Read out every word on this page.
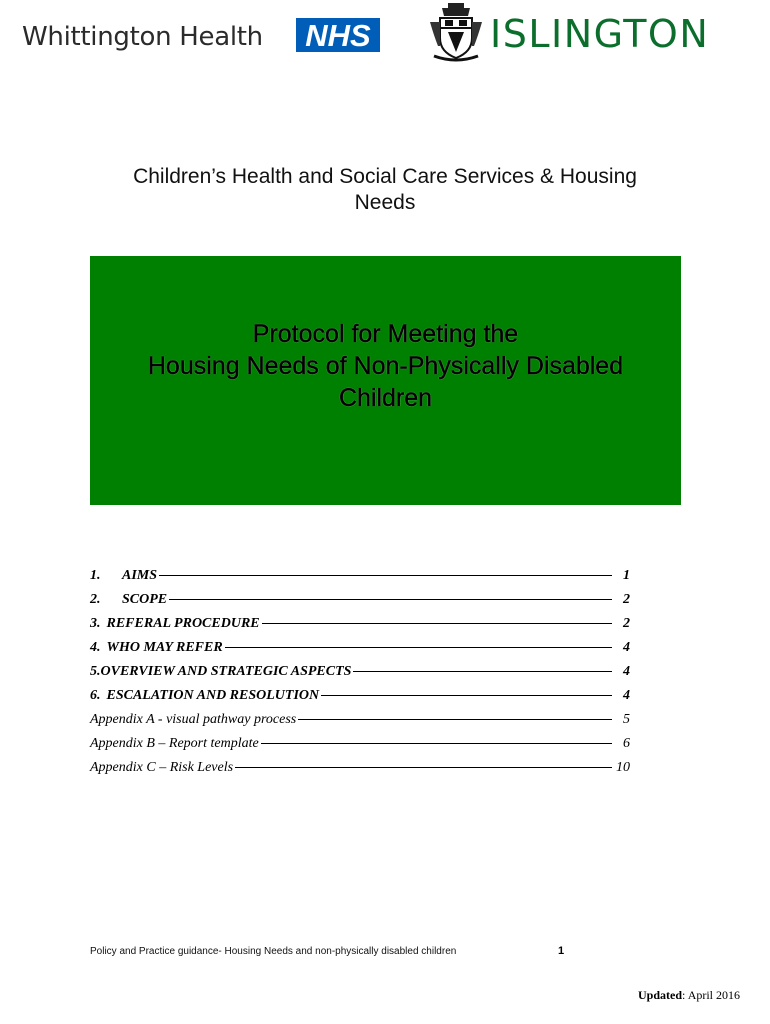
Whittington Health NHS	ISLINGTON
Children’s Health and Social Care Services & Housing
Needs
Protocol for Meeting the
Housing Needs of Non-Physically Disabled
Children
1.	AIMS	1
2.	SCOPE	2
3. REFERAL PROCEDURE	2
4. WHO MAY REFER	4
5. OVERVIEW AND STRATEGIC ASPECTS	4
6. ESCALATION AND RESOLUTION	4
Appendix A - visual pathway process	5
Appendix B – Report template	6
Appendix C – Risk Levels	10
Policy and Practice guidance- Housing Needs and non-physically disabled children	1
Updated: April 2016
